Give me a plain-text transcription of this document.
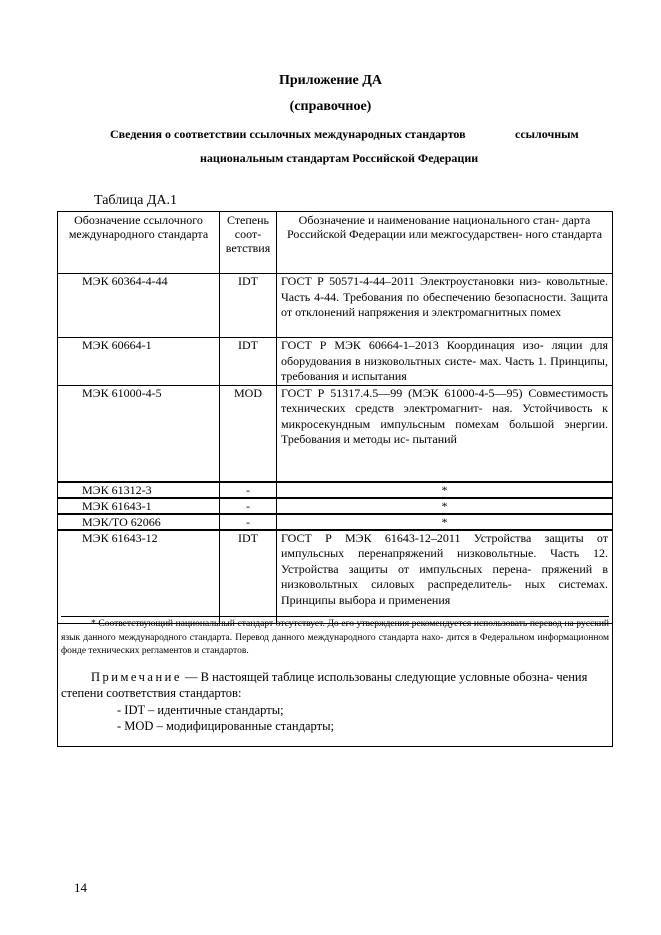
Приложение ДА
(справочное)
Сведения о соответствии ссылочных международных стандартов	ссылочным
национальным стандартам Российской Федерации
Таблица ДА.1
Обозначение ссылочного международного стандарта	Степень соот- ветствия	Обозначение и наименование национального стан- дарта Российской Федерации или межгосударствен- ного стандарта
МЭК 60364-4-44	IDT	ГОСТ Р 50571-4-44–2011 Электроустановки низ- ковольтные. Часть 4-44. Требования по обеспечению безопасности. Защита от отклонений напряжения и электромагнитных помех
МЭК 60664-1	IDT	ГОСТ Р МЭК 60664-1–2013 Координация изо- ляции для оборудования в низковольтных систе- мах. Часть 1. Принципы, требования и испытания
МЭК 61000-4-5	MOD	ГОСТ Р 51317.4.5—99 (МЭК 61000-4-5—95) Совместимость технических средств электромагнит- ная. Устойчивость к микросекундным импульсным помехам большой энергии. Требования и методы ис- пытаний
МЭК 61312-3	-	*
МЭК 61643-1	-	*
МЭК/ТО 62066	-	*
МЭК 61643-12	IDT	ГОСТ Р МЭК 61643-12–2011 Устройства защиты от импульсных перенапряжений низковольтные. Часть 12. Устройства защиты от импульсных перена- пряжений в низковольтных силовых распределитель- ных системах. Принципы выбора и применения
* Соответствующий национальный стандарт отсутствует. До его утверждения рекомендуется использовать перевод на русский язык данного международного стандарта. Перевод данного международного стандарта нахо- дится в Федеральном информационном фонде технических регламентов и стандартов.
Примечание — В настоящей таблице использованы следующие условные обозна- чения степени соответствия стандартов:
- IDT – идентичные стандарты;
- MOD – модифицированные стандарты;
14
